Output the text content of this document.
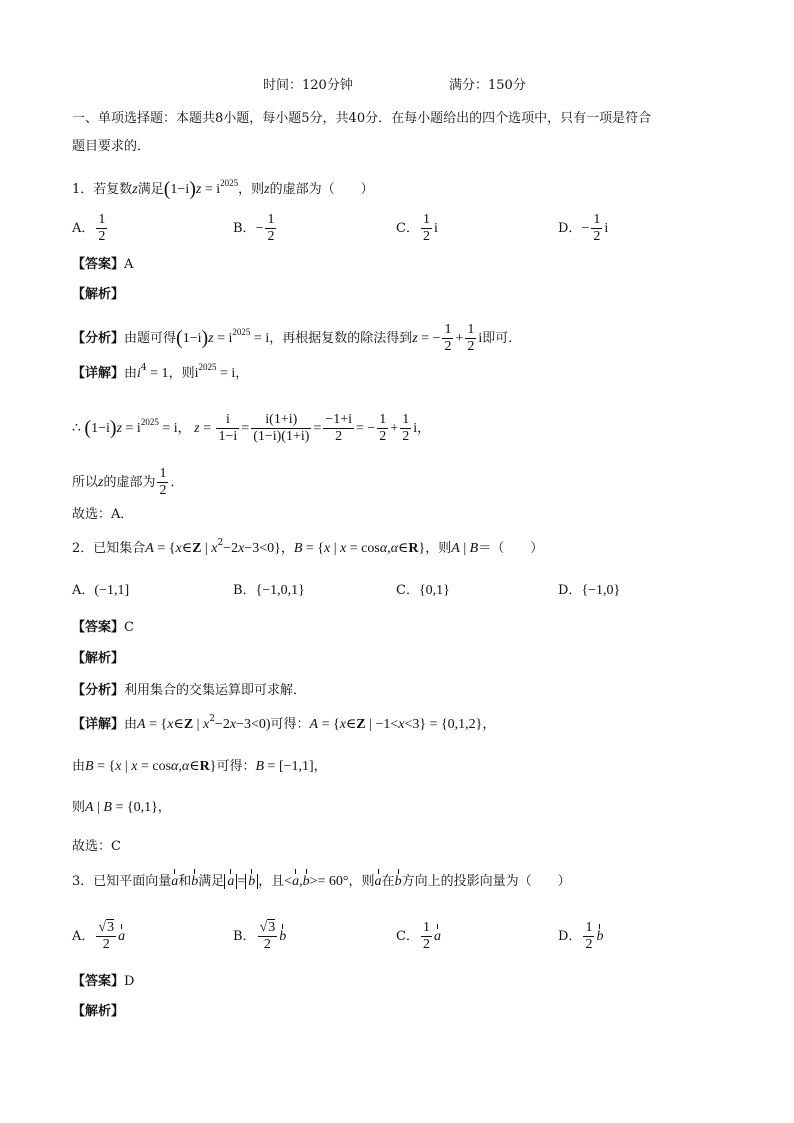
时间：120分钟	满分：150分
一、单项选择题：本题共8小题，每小题5分，共40分．在每小题给出的四个选项中，只有一项是符合
题目要求的．
1．若复数z满足$(1-i)z = i^{2025}$，则z的虚部为（　　）
A． $\frac{1}{2}$	B．− $\frac{1}{2}$	C． $\frac{1}{2}$ i	D．− $\frac{1}{2}$ i
【答案】A
【解析】
【分析】由题可得$(1-i)z = i^{2025} = i$，再根据复数的除法得到z = − $\frac{1}{2} + \frac{1}{2}$ i即可．
【详解】由$i^4 = 1$，则$i^{2025} = i$，
∴ $(1-i)z = i^{2025} = i$， $z = \frac{i}{1-i} = \frac{i(1+i)}{(1-i)(1+i)} = \frac{-1+i}{2}$ = − $\frac{1}{2} + \frac{1}{2}$ i，
所以z的虚部为 $\frac{1}{2}$ ．
故选：A．
2．已知集合A = {x∈Z | $x^2-2x-3<0$}，B = {x | x = cosα,α∈R}，则A | B＝（　　）
A．(−1,1]	B．{−1,0,1}	C．{0,1}	D．{−1,0}
【答案】C
【解析】
【分析】利用集合的交集运算即可求解．
【详解】由A = {x∈Z | $x^2-2x-3<0$)可得：A = {x∈Z | −1<x<3} = {0,1,2}，
由B = {x | x = cosα,α∈R}可得：B = [−1,1]，
则A | B = {0,1}，
故选：C
3．已知平面向量a和b满足 a = b ，且<a,b>= 60°，则a在b方向上的投影向量为（　　）
A． $\frac{√3}{2}$ a	B． $\frac{√3}{2}$ b	C． $\frac{1}{2}$ a	D． $\frac{1}{2}$ b
【答案】D
【解析】
